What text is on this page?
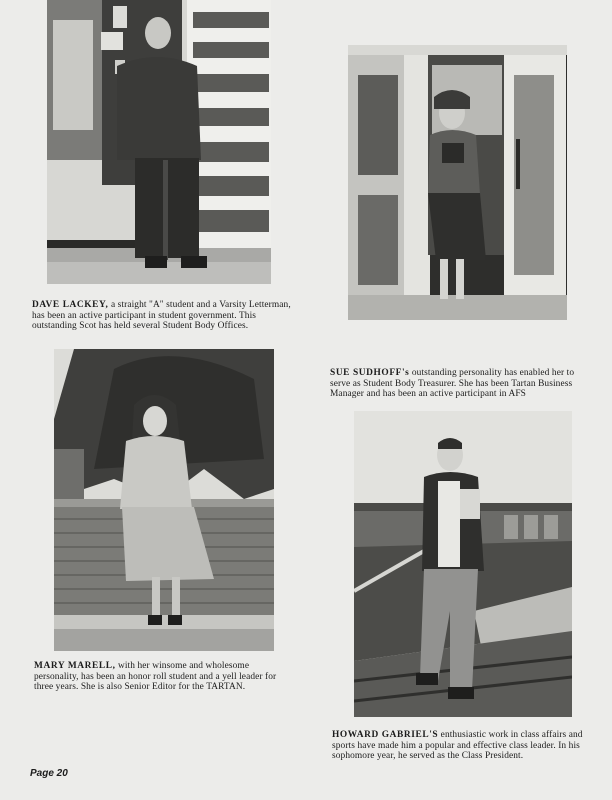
DAVE LACKEY, a straight "A" student and a Varsity Letterman, has been an active participant in student government. This outstanding Scot has held several Student Body Offices.
SUE SUDHOFF's outstanding personality has enabled her to serve as Student Body Treasurer. She has been Tartan Business Manager and has been an active participant in AFS
MARY MARELL, with her winsome and wholesome personality, has been an honor roll student and a yell leader for three years. She is also Senior Editor for the TARTAN.
HOWARD GABRIEL'S enthusiastic work in class affairs and sports have made him a popular and effective class leader. In his sophomore year, he served as the Class President.
Page 20
